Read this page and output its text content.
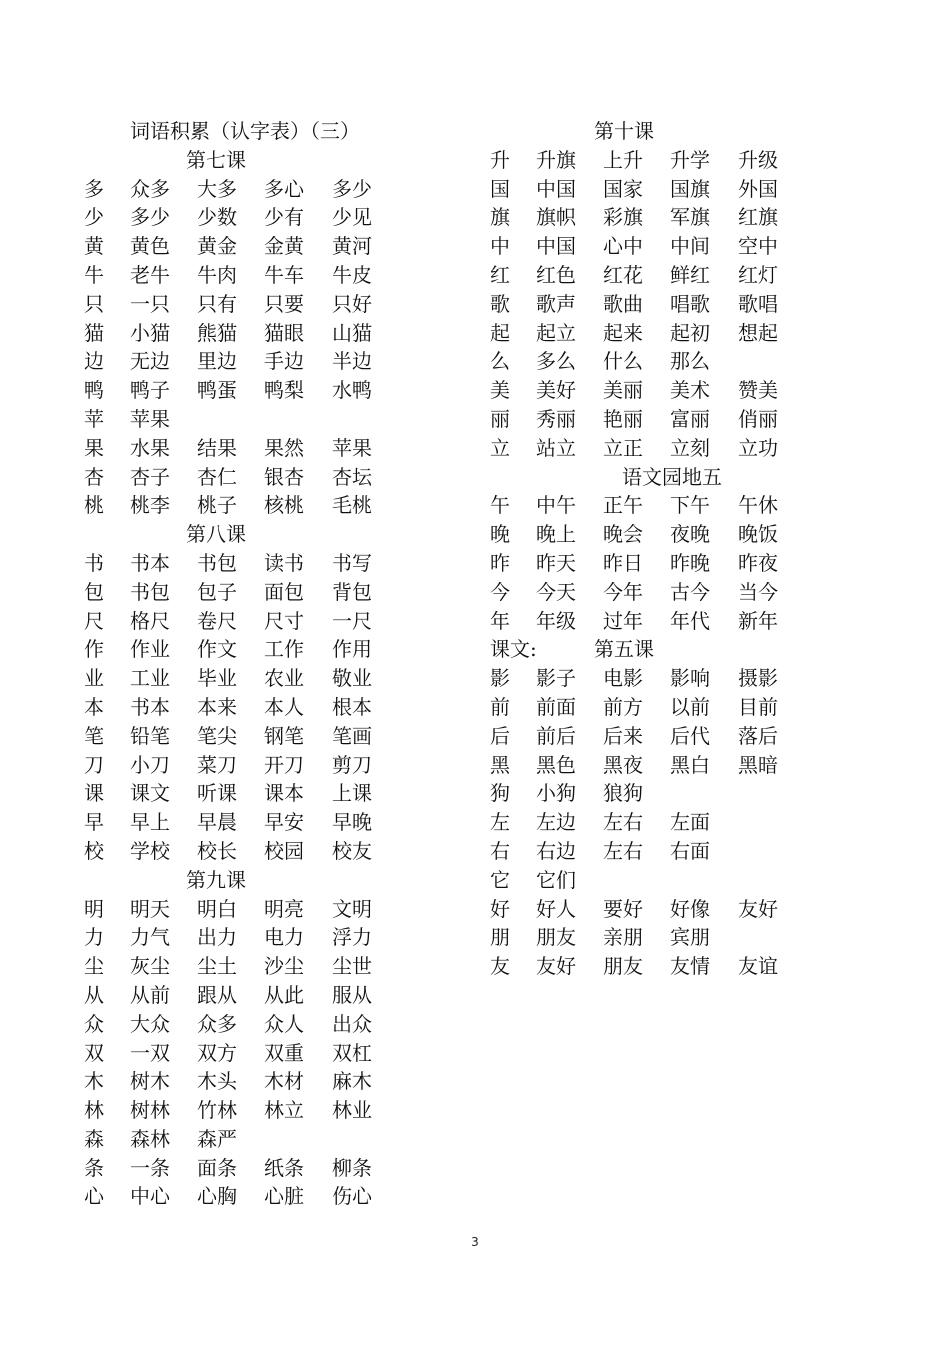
词语积累（认字表）（三）
第七课
多 众多 大多 多心 多少
少 多少 少数 少有 少见
黄 黄色 黄金 金黄 黄河
牛 老牛 牛肉 牛车 牛皮
只 一只 只有 只要 只好
猫 小猫 熊猫 猫眼 山猫
边 无边 里边 手边 半边
鸭 鸭子 鸭蛋 鸭梨 水鸭
苹 苹果
果 水果 结果 果然 苹果
杏 杏子 杏仁 银杏 杏坛
桃 桃李 桃子 核桃 毛桃
第八课
书 书本 书包 读书 书写
包 书包 包子 面包 背包
尺 格尺 卷尺 尺寸 一尺
作 作业 作文 工作 作用
业 工业 毕业 农业 敬业
本 书本 本来 本人 根本
笔 铅笔 笔尖 钢笔 笔画
刀 小刀 菜刀 开刀 剪刀
课 课文 听课 课本 上课
早 早上 早晨 早安 早晚
校 学校 校长 校园 校友
第九课
明 明天 明白 明亮 文明
力 力气 出力 电力 浮力
尘 灰尘 尘土 沙尘 尘世
从 从前 跟从 从此 服从
众 大众 众多 众人 出众
双 一双 双方 双重 双杠
木 树木 木头 木材 麻木
林 树林 竹林 林立 林业
森 森林 森严
条 一条 面条 纸条 柳条
心 中心 心胸 心脏 伤心
第十课
升 升旗 上升 升学 升级
国 中国 国家 国旗 外国
旗 旗帜 彩旗 军旗 红旗
中 中国 心中 中间 空中
红 红色 红花 鲜红 红灯
歌 歌声 歌曲 唱歌 歌唱
起 起立 起来 起初 想起
么 多么 什么 那么
美 美好 美丽 美术 赞美
丽 秀丽 艳丽 富丽 俏丽
立 站立 立正 立刻 立功
语文园地五
午 中午 正午 下午 午休
晚 晚上 晚会 夜晚 晚饭
昨 昨天 昨日 昨晚 昨夜
今 今天 今年 古今 当今
年 年级 过年 年代 新年
课文:	第五课
影 影子 电影 影响 摄影
前 前面 前方 以前 目前
后 前后 后来 后代 落后
黑 黑色 黑夜 黑白 黑暗
狗 小狗 狼狗
左 左边 左右 左面
右 右边 左右 右面
它 它们
好 好人 要好 好像 友好
朋 朋友 亲朋 宾朋
友 友好 朋友 友情 友谊
3
